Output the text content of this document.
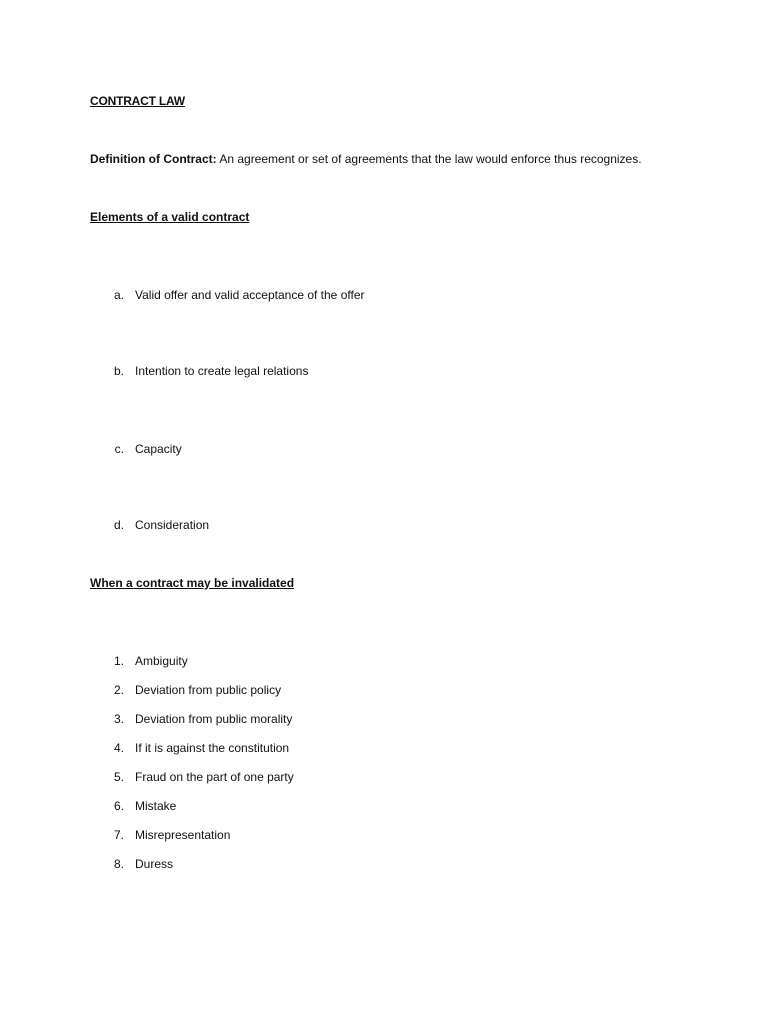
CONTRACT LAW
Definition of Contract: An agreement or set of agreements that the law would enforce thus recognizes.
Elements of a valid contract
a. Valid offer and valid acceptance of the offer
b. Intention to create legal relations
c. Capacity
d. Consideration
When a contract may be invalidated
1. Ambiguity
2. Deviation from public policy
3. Deviation from public morality
4. If it is against the constitution
5. Fraud on the part of one party
6. Mistake
7. Misrepresentation
8. Duress
